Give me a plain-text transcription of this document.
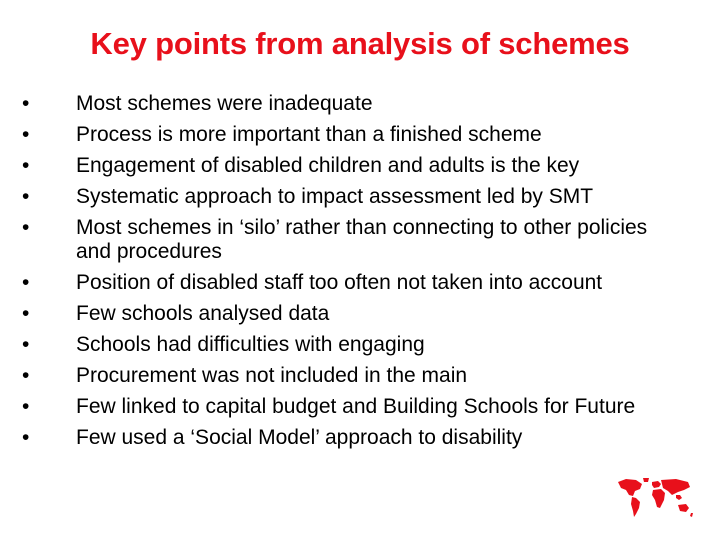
Key points from analysis of schemes
•	Most schemes were inadequate
•	Process is more important than a finished scheme
•	Engagement of disabled children and adults is the key
•	Systematic approach to impact assessment led by SMT
•	Most schemes in ‘silo’ rather than connecting to other policies and procedures
•	Position of disabled staff too often not taken into account
•	Few schools analysed data
•	Schools had difficulties with engaging
•	Procurement was not included in the main
•	Few linked to capital budget and Building Schools for Future
•	Few used a ‘Social Model’ approach to disability
